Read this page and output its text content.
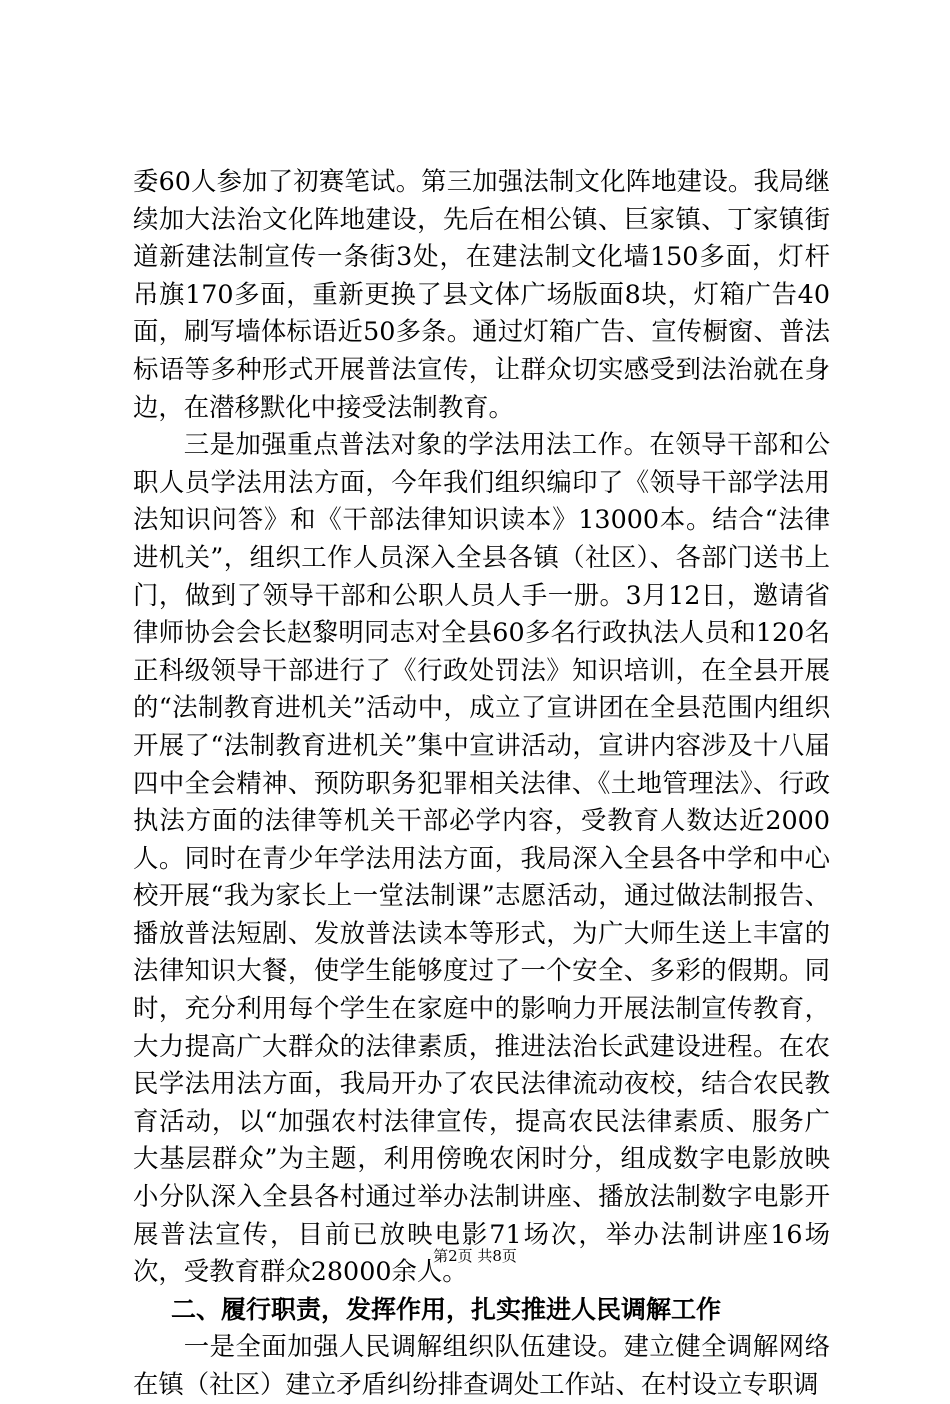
委60人参加了初赛笔试。第三加强法制文化阵地建设。我局继续加大法治文化阵地建设，先后在相公镇、巨家镇、丁家镇街道新建法制宣传一条街3处，在建法制文化墙150多面，灯杆吊旗170多面，重新更换了县文体广场版面8块，灯箱广告40面，刷写墙体标语近50多条。通过灯箱广告、宣传橱窗、普法标语等多种形式开展普法宣传，让群众切实感受到法治就在身边，在潜移默化中接受法制教育。

三是加强重点普法对象的学法用法工作。在领导干部和公职人员学法用法方面，今年我们组织编印了《领导干部学法用法知识问答》和《干部法律知识读本》13000本。结合“法律进机关”，组织工作人员深入全县各镇（社区）、各部门送书上门，做到了领导干部和公职人员人手一册。3月12日，邀请省律师协会会长赵黎明同志对全县60多名行政执法人员和120名正科级领导干部进行了《行政处罚法》知识培训，在全县开展的“法制教育进机关”活动中，成立了宣讲团在全县范围内组织开展了“法制教育进机关”集中宣讲活动，宣讲内容涉及十八届四中全会精神、预防职务犯罪相关法律、《土地管理法》、行政执法方面的法律等机关干部必学内容，受教育人数达近2000人。同时在青少年学法用法方面，我局深入全县各中学和中心校开展“我为家长上一堂法制课”志愿活动，通过做法制报告、播放普法短剧、发放普法读本等形式，为广大师生送上丰富的法律知识大餐，使学生能够度过了一个安全、多彩的假期。同时，充分利用每个学生在家庭中的影响力开展法制宣传教育，大力提高广大群众的法律素质，推进法治长武建设进程。在农民学法用法方面，我局开办了农民法律流动夜校，结合农民教育活动，以“加强农村法律宣传，提高农民法律素质、服务广大基层群众”为主题，利用傍晚农闲时分，组成数字电影放映小分队深入全县各村通过举办法制讲座、播放法制数字电影开展普法宣传，目前已放映电影71场次，举办法制讲座16场次，受教育群众28000余人。

二、履行职责，发挥作用，扎实推进人民调解工作

一是全面加强人民调解组织队伍建设。建立健全调解网络在镇（社区）建立矛盾纠纷排查调处工作站、在村设立专职调

第2页 共8页
